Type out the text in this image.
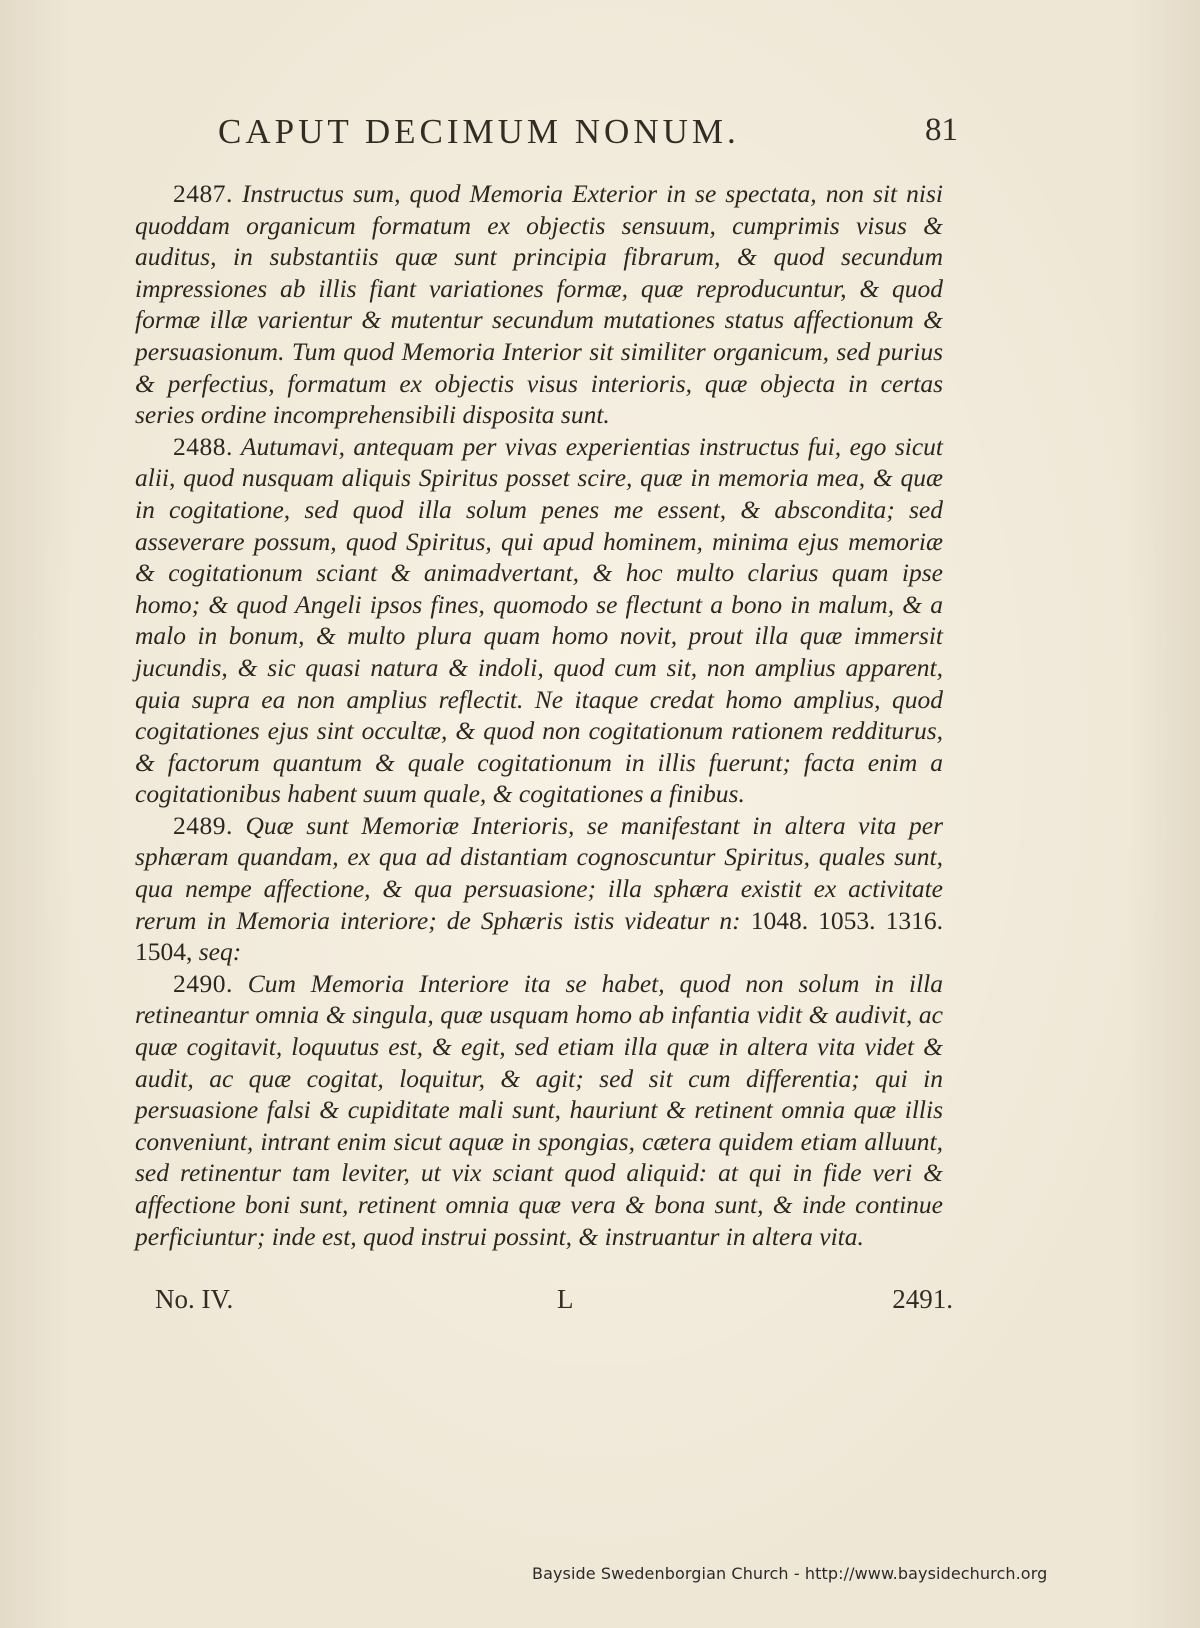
CAPUT DECIMUM NONUM.	81

2487. Instructus sum, quod Memoria Exterior in se spectata, non sit nisi quoddam organicum formatum ex objectis sensuum, cumprimis visus & auditus, in substantiis quæ sunt principia fibrarum, & quod secundum impressiones ab illis fiant variationes formæ, quæ reproducuntur, & quod formæ illæ varientur & mutentur secundum mutationes status affectionum & persuasionum. Tum quod Memoria Interior sit similiter organicum, sed purius & perfectius, formatum ex objectis visus interioris, quæ objecta in certas series ordine incomprehensibili disposita sunt.

2488. Autumavi, antequam per vivas experientias instructus fui, ego sicut alii, quod nusquam aliquis Spiritus posset scire, quæ in memoria mea, & quæ in cogitatione, sed quod illa solum penes me essent, & abscondita; sed asseverare possum, quod Spiritus, qui apud hominem, minima ejus memoriæ & cogitationum sciant & animadvertant, & hoc multo clarius quam ipse homo; & quod Angeli ipsos fines, quomodo se flectunt a bono in malum, & a malo in bonum, & multo plura quam homo novit, prout illa quæ immersit jucundis, & sic quasi natura & indoli, quod cum sit, non amplius apparent, quia supra ea non amplius reflectit. Ne itaque credat homo amplius, quod cogitationes ejus sint occultæ, & quod non cogitationum rationem redditurus, & factorum quantum & quale cogitationum in illis fuerunt; facta enim a cogitationibus habent suum quale, & cogitationes a finibus.

2489. Quæ sunt Memoriæ Interioris, se manifestant in altera vita per sphæram quandam, ex qua ad distantiam cognoscuntur Spiritus, quales sunt, qua nempe affectione, & qua persuasione; illa sphæra existit ex activitate rerum in Memoria interiore; de Sphæris istis videatur n: 1048. 1053. 1316. 1504, seq:

2490. Cum Memoria Interiore ita se habet, quod non solum in illa retineantur omnia & singula, quæ usquam homo ab infantia vidit & audivit, ac quæ cogitavit, loquutus est, & egit, sed etiam illa quæ in altera vita videt & audit, ac quæ cogitat, loquitur, & agit; sed sit cum differentia; qui in persuasione falsi & cupiditate mali sunt, hauriunt & retinent omnia quæ illis conveniunt, intrant enim sicut aquæ in spongias, cætera quidem etiam alluunt, sed retinentur tam leviter, ut vix sciant quod aliquid: at qui in fide veri & affectione boni sunt, retinent omnia quæ vera & bona sunt, & inde continue perficiuntur; inde est, quod instrui possint, & instruantur in altera vita.

No. IV.	L	2491.
Bayside Swedenborgian Church - http://www.baysidechurch.org
